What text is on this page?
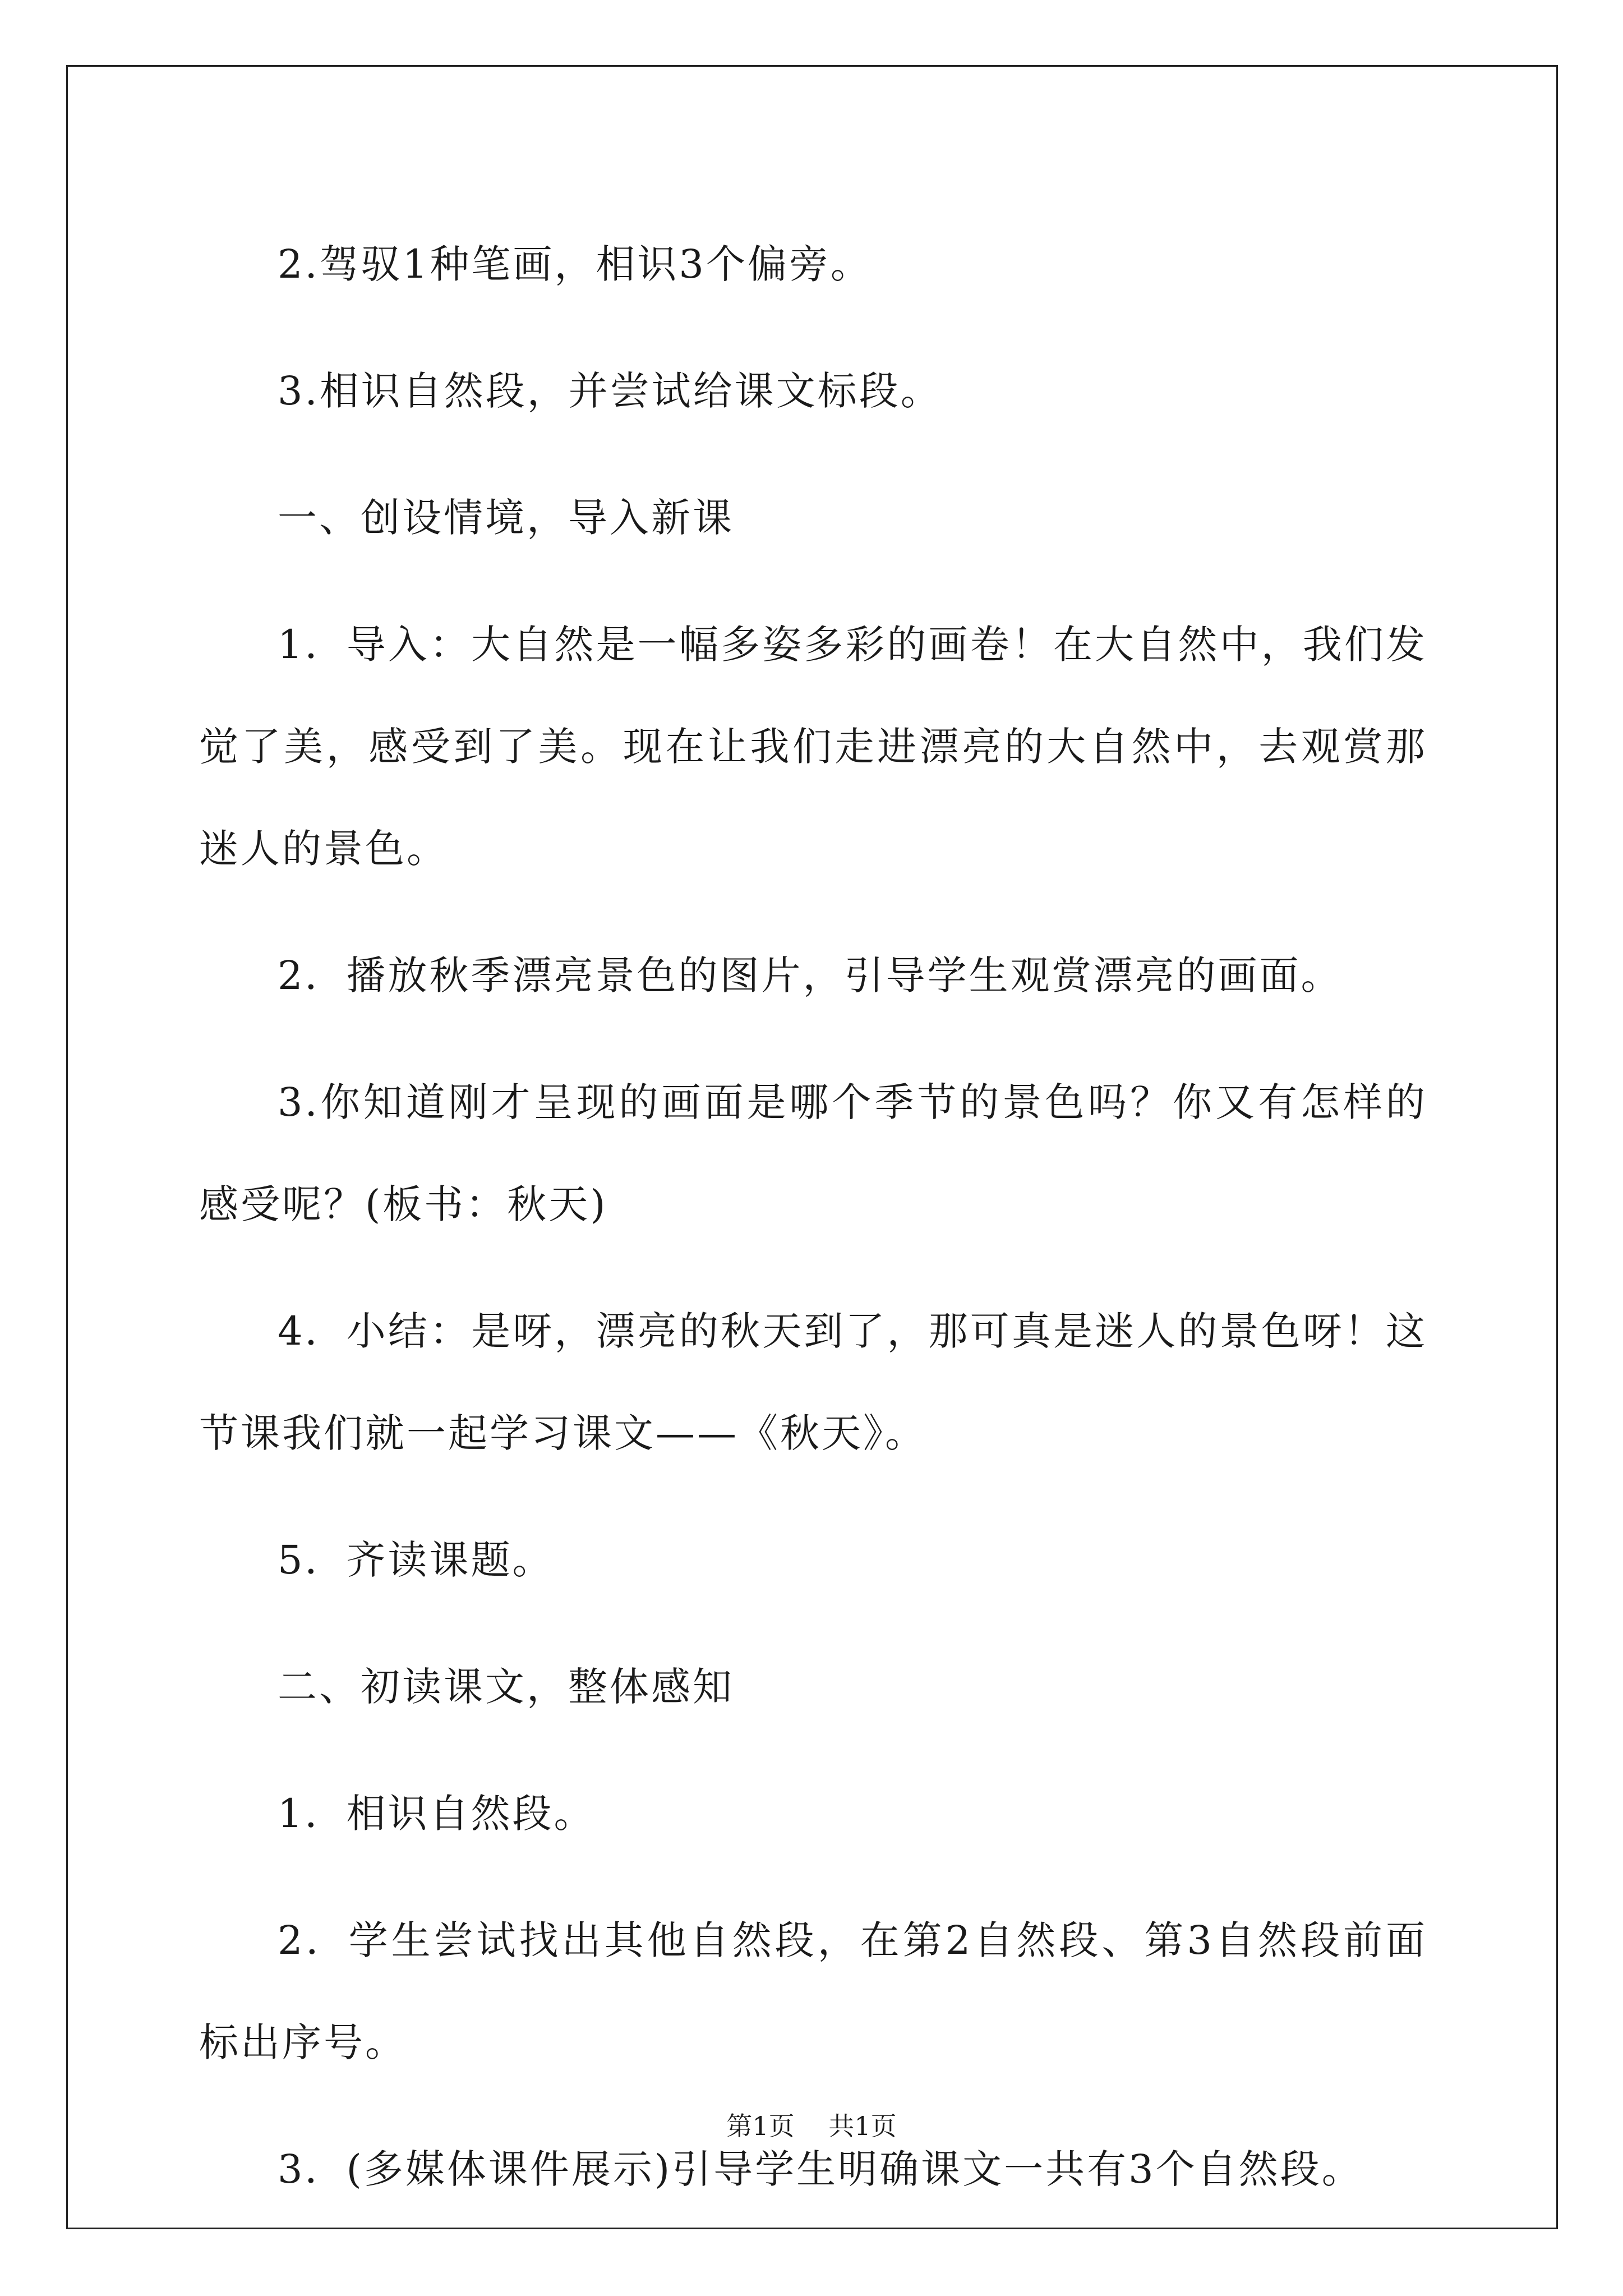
2.驾驭1种笔画，相识3个偏旁。

3.相识自然段，并尝试给课文标段。

一、创设情境，导入新课

1．导入：大自然是一幅多姿多彩的画卷！在大自然中，我们发觉了美，感受到了美。现在让我们走进漂亮的大自然中，去观赏那迷人的景色。

2．播放秋季漂亮景色的图片，引导学生观赏漂亮的画面。

3.你知道刚才呈现的画面是哪个季节的景色吗？你又有怎样的感受呢？(板书：秋天)

4．小结：是呀，漂亮的秋天到了，那可真是迷人的景色呀！这节课我们就一起学习课文——《秋天》。

5．齐读课题。

二、初读课文，整体感知

1．相识自然段。

2．学生尝试找出其他自然段，在第2自然段、第3自然段前面标出序号。

3．(多媒体课件展示)引导学生明确课文一共有3个自然段。

第1页 共1页
